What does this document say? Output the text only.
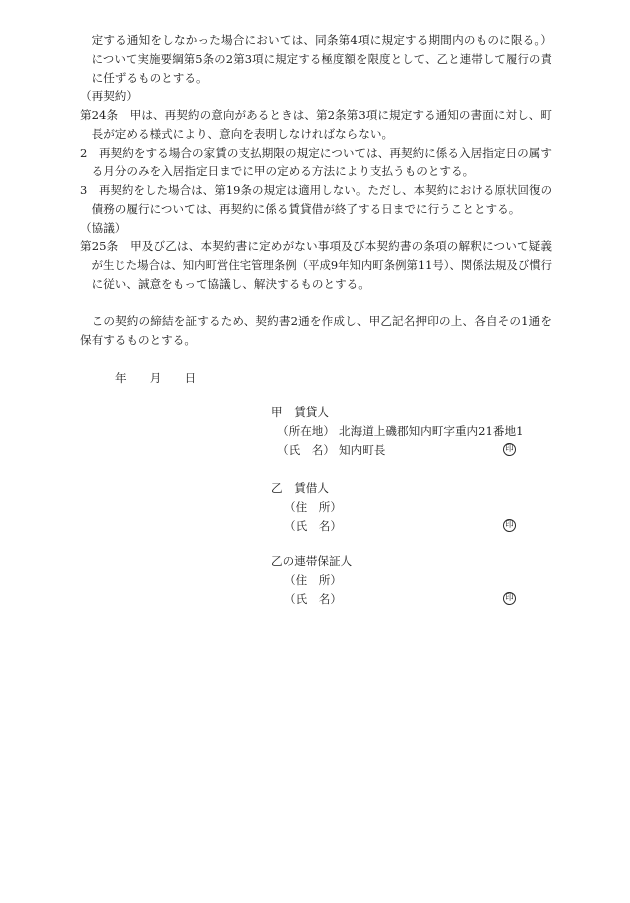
定する通知をしなかった場合においては、同条第4項に規定する期間内のものに限る。）
について実施要綱第5条の2第3項に規定する極度額を限度として、乙と連帯して履行の責
に任ずるものとする。
（再契約）
第24条　甲は、再契約の意向があるときは、第2条第3項に規定する通知の書面に対し、町
長が定める様式により、意向を表明しなければならない。
2　再契約をする場合の家賃の支払期限の規定については、再契約に係る入居指定日の属す
る月分のみを入居指定日までに甲の定める方法により支払うものとする。
3　再契約をした場合は、第19条の規定は適用しない。ただし、本契約における原状回復の
債務の履行については、再契約に係る賃貸借が終了する日までに行うこととする。
（協議）
第25条　甲及び乙は、本契約書に定めがない事項及び本契約書の条項の解釈について疑義
が生じた場合は、知内町営住宅管理条例（平成9年知内町条例第11号）、関係法規及び慣行
に従い、誠意をもって協議し、解決するものとする。
この契約の締結を証するため、契約書2通を作成し、甲乙記名押印の上、各自その1通を
保有するものとする。
年　　月　　日
甲　賃貸人
（所在地） 北海道上磯郡知内町字重内21番地1
（氏　名） 知内町長	印
乙　賃借人
（住　所）
（氏　名）	印
乙の連帯保証人
（住　所）
（氏　名）	印
